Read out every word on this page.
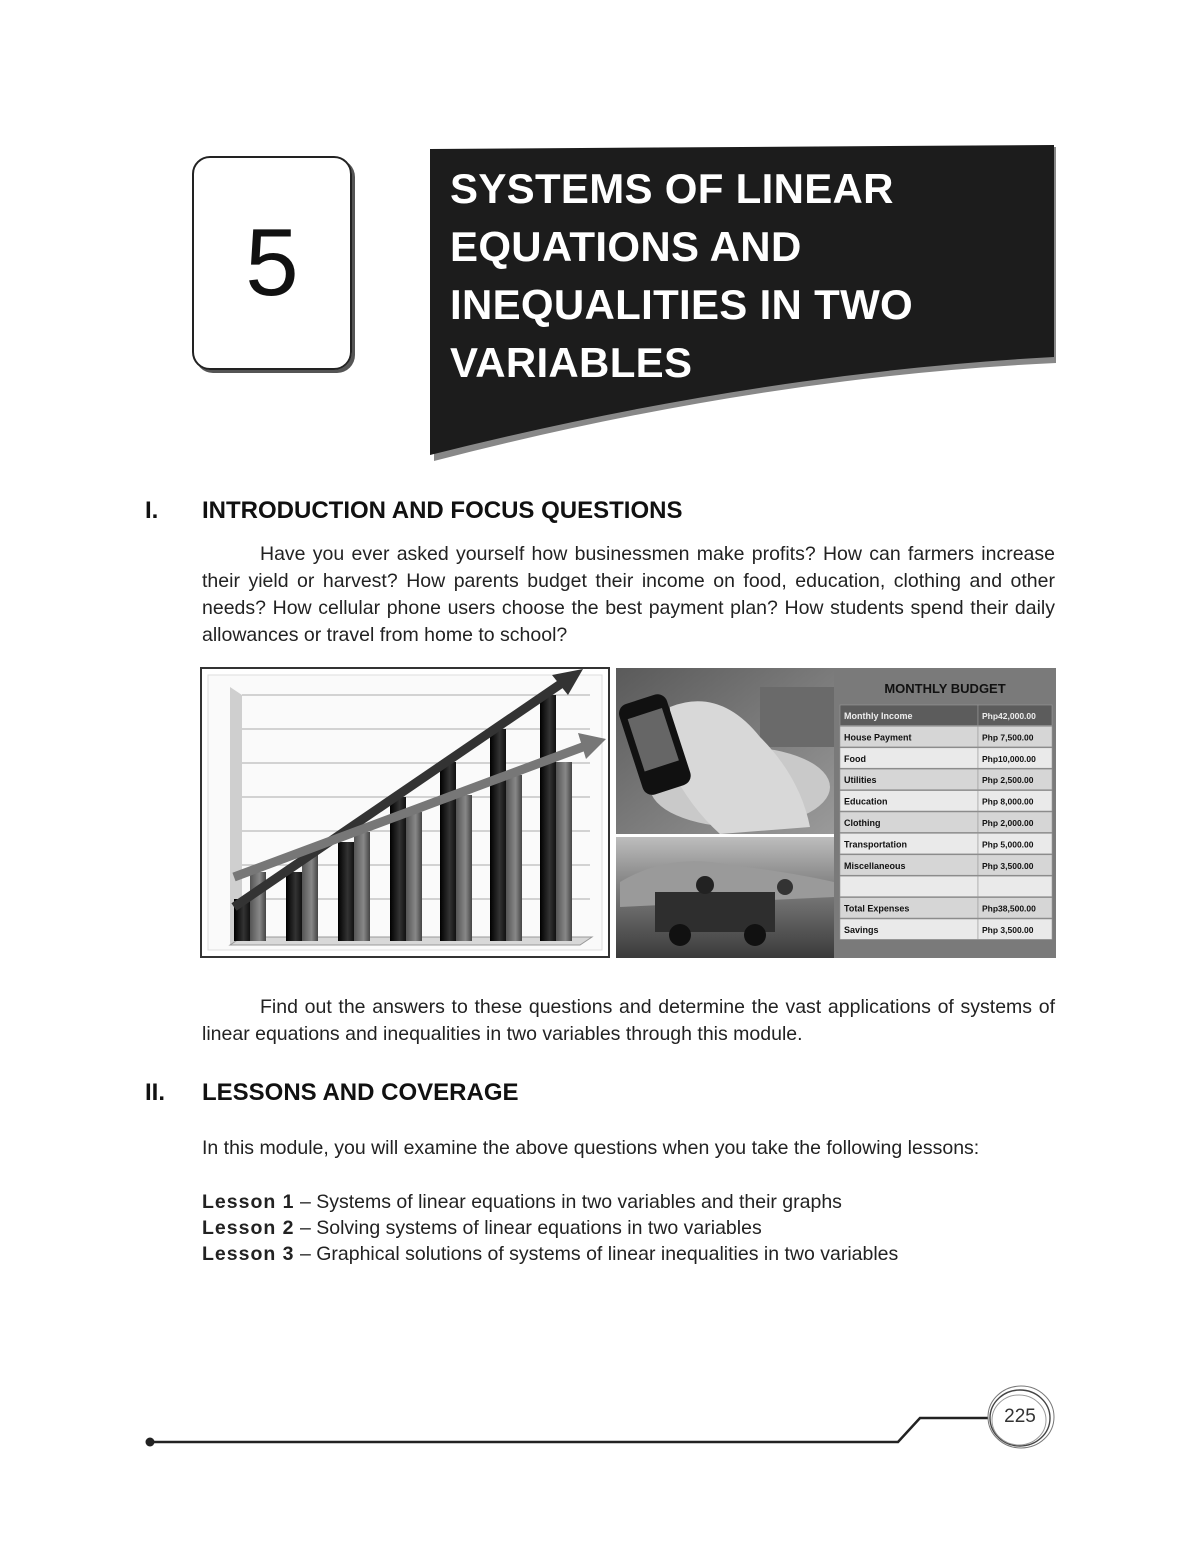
5
SYSTEMS OF LINEAR
EQUATIONS AND
INEQUALITIES IN TWO
VARIABLES
I. INTRODUCTION AND FOCUS QUESTIONS
Have you ever asked yourself how businessmen make profits? How can farmers increase their yield or harvest? How parents budget their income on food, education, clothing and other needs? How cellular phone users choose the best payment plan? How students spend their daily allowances or travel from home to school?
MONTHLY BUDGET
Monthly Income	Php42,000.00
House Payment	Php 7,500.00
Food	Php10,000.00
Utilities	Php 2,500.00
Education	Php 8,000.00
Clothing	Php 2,000.00
Transportation	Php 5,000.00
Miscellaneous	Php 3,500.00
Total Expenses	Php38,500.00
Savings	Php 3,500.00
Find out the answers to these questions and determine the vast applications of systems of linear equations and inequalities in two variables through this module.
II. LESSONS AND COVERAGE
In this module, you will examine the above questions when you take the following lessons:
Lesson 1 – Systems of linear equations in two variables and their graphs
Lesson 2 – Solving systems of linear equations in two variables
Lesson 3 – Graphical solutions of systems of linear inequalities in two variables
225
